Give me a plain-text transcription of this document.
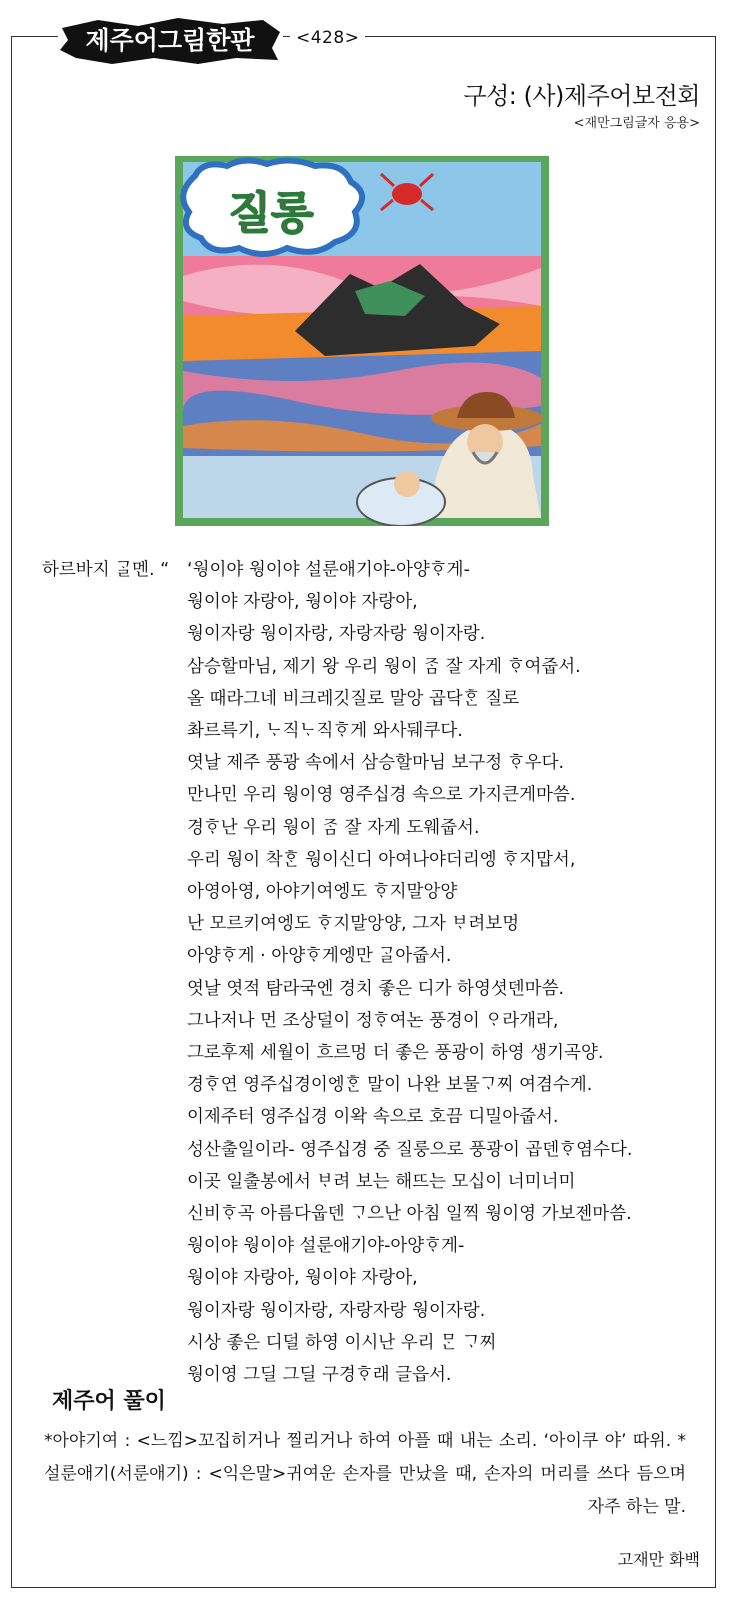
제주어그림한판	<428>
구성: (사)제주어보전회
<재만그림글자 응용>
질롱
하르바지 ᄀᆞᆯ멘. “ ‘웡이야 웡이야 설룬애기야-아양ᄒᆞ게-
웡이야 자랑아, 웡이야 자랑아,
웡이자랑 웡이자랑, 자랑자랑 웡이자랑.
삼승할마님, 제기 왕 우리 웡이 ᄌᆞᆷ 잘 자게 ᄒᆞ여줍서.
올 때라그네 비크레깃질로 말앙 곱닥ᄒᆞᆫ 질로
촤르륵기, ᄂᆞ직ᄂᆞ직ᄒᆞ게 와사뒈쿠다.
엿날 제주 풍광 속에서 삼승할마님 보구정 ᄒᆞ우다.
만나민 우리 웡이영 영주십경 속으로 가지큰게마씀.
경ᄒᆞ난 우리 웡이 ᄌᆞᆷ 잘 자게 도웨줍서.
우리 웡이 착ᄒᆞᆫ 웡이신디 아여나야더리엥 ᄒᆞ지맙서,
아영아영, 아야기여엥도 ᄒᆞ지말앙양
난 모르키여엥도 ᄒᆞ지말앙양, 그자 ᄇᆞ려보멍
아양ᄒᆞ게 · 아양ᄒᆞ게엥만 ᄀᆞᆯ아줍서.
엿날 엿적 탐라국엔 경치 좋은 디가 하영셧덴마씀.
그나저나 먼 조상덜이 정ᄒᆞ여논 풍경이 ᄋᆞ라개라,
그로후제 세월이 흐르멍 더 좋은 풍광이 하영 생기곡양.
경ᄒᆞ연 영주십경이엥ᄒᆞᆫ 말이 나완 보물ᄀᆞ찌 여겸수게.
이제주터 영주십경 이왁 속으로 호끔 디밀아줍서.
성산출일이라- 영주십경 중 질룽으로 풍광이 곱덴ᄒᆞ염수다.
이곳 일출봉에서 ᄇᆞ려 보는 해뜨는 모십이 너미너미
신비ᄒᆞ곡 아름다웁덴 ᄀᆞ으난 아침 일찍 웡이영 가보젠마씀.
웡이야 웡이야 설룬애기야-아양ᄒᆞ게-
웡이야 자랑아, 웡이야 자랑아,
웡이자랑 웡이자랑, 자랑자랑 웡이자랑.
시상 좋은 디덜 하영 이시난 우리 ᄆᆞᆫ ᄀᆞ찌
웡이영 그딜 그딜 구경ᄒᆞ래 글읍서.
제주어 풀이
*아야기여 : <느낌>꼬집히거나 찔리거나 하여 아플 때 내는 소리. ‘아이쿠 야’ 따위. *설룬애기(서룬애기) : <익은말>귀여운 손자를 만났을 때, 손자의 머리를 쓰다 듬으며 자주 하는 말.
고재만 화백
